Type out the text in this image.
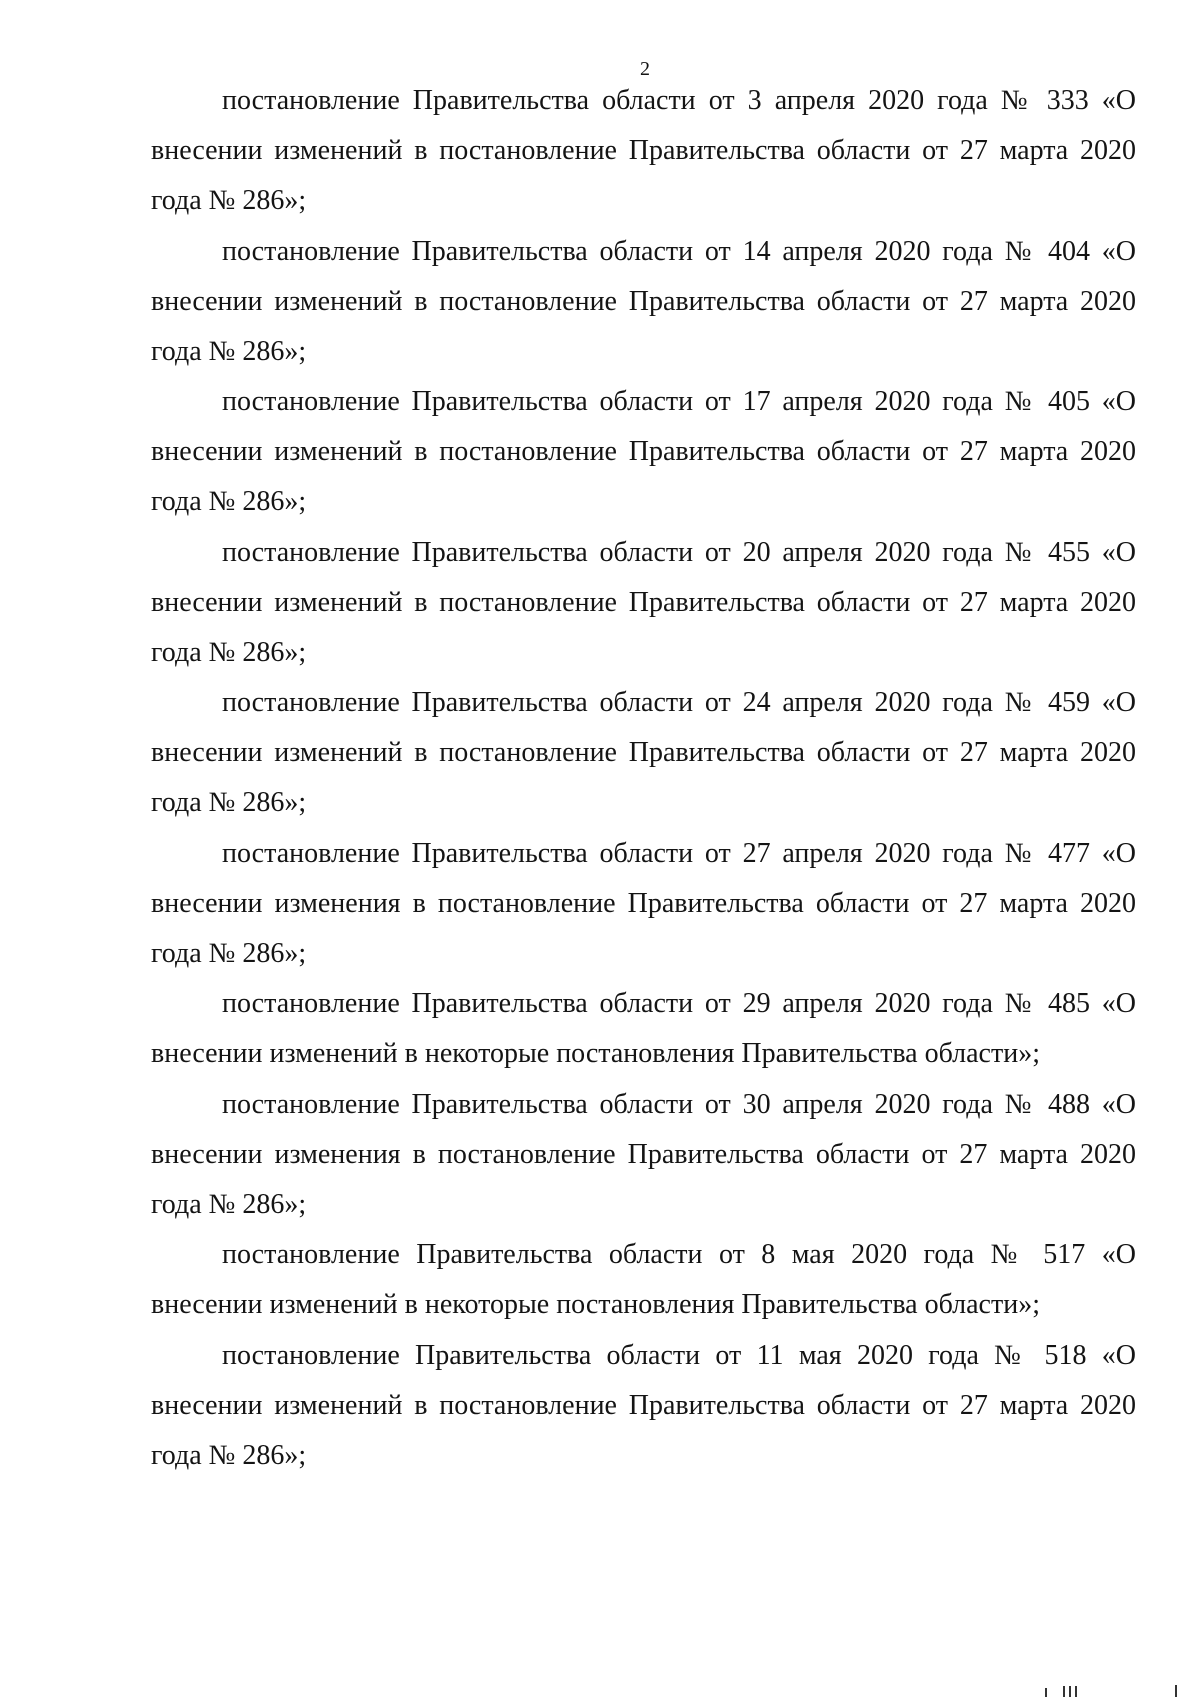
2

постановление Правительства области от 3 апреля 2020 года № 333 «О внесении изменений в постановление Правительства области от 27 марта 2020 года № 286»;

постановление Правительства области от 14 апреля 2020 года № 404 «О внесении изменений в постановление Правительства области от 27 марта 2020 года № 286»;

постановление Правительства области от 17 апреля 2020 года № 405 «О внесении изменений в постановление Правительства области от 27 марта 2020 года № 286»;

постановление Правительства области от 20 апреля 2020 года № 455 «О внесении изменений в постановление Правительства области от 27 марта 2020 года № 286»;

постановление Правительства области от 24 апреля 2020 года № 459 «О внесении изменений в постановление Правительства области от 27 марта 2020 года № 286»;

постановление Правительства области от 27 апреля 2020 года № 477 «О внесении изменения в постановление Правительства области от 27 марта 2020 года № 286»;

постановление Правительства области от 29 апреля 2020 года № 485 «О внесении изменений в некоторые постановления Правительства области»;

постановление Правительства области от 30 апреля 2020 года № 488 «О внесении изменения в постановление Правительства области от 27 марта 2020 года № 286»;

постановление Правительства области от 8 мая 2020 года № 517 «О внесении изменений в некоторые постановления Правительства области»;

постановление Правительства области от 11 мая 2020 года № 518 «О внесении изменений в постановление Правительства области от 27 марта 2020 года № 286»;
